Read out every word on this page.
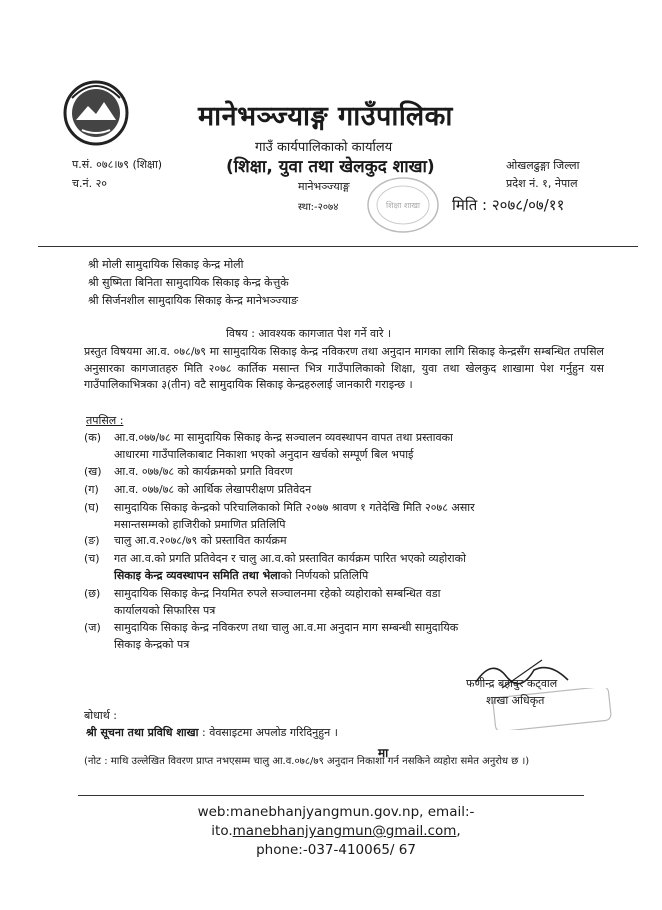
मानेभञ्ज्याङ्ग गाउँपालिका
गाउँ कार्यपालिकाको कार्यालय
(शिक्षा, युवा तथा खेलकुद शाखा)
मानेभञ्ज्याङ्ग
स्था:-२०७४
प.सं. ०७८।७९ (शिक्षा)
च.नं. २०
ओखलढुङ्गा जिल्ला
प्रदेश नं. १, नेपाल
शिक्षा शाखा मिति : २०७८/०७/११
श्री मोली सामुदायिक सिकाइ केन्द्र मोली
श्री सुष्मिता बिनिता सामुदायिक सिकाइ केन्द्र केत्तुके
श्री सिर्जनशील सामुदायिक सिकाइ केन्द्र मानेभञ्ज्याङ
विषय : आवश्यक कागजात पेश गर्ने वारे ।
प्रस्तुत विषयमा आ.व. ०७८/७९ मा सामुदायिक सिकाइ केन्द्र नविकरण तथा अनुदान मागका लागि सिकाइ केन्द्रसँग सम्बन्धित तपसिल अनुसारका कागजातहरु मिति २०७८ कार्तिक मसान्त भित्र गाउँपालिकाको शिक्षा, युवा तथा खेलकुद शाखामा पेश गर्नुहुन यस गाउँपालिकाभित्रका ३(तीन) वटै सामुदायिक सिकाइ केन्द्रहरुलाई जानकारी गराइन्छ ।
तपसिल :
(क) आ.व.०७७/७८ मा सामुदायिक सिकाइ केन्द्र सञ्चालन व्यवस्थापन वापत तथा प्रस्तावका
आधारमा गाउँपालिकाबाट निकाशा भएको अनुदान खर्चको सम्पूर्ण बिल भपाई
(ख) आ.व. ०७७/७८ को कार्यक्रमको प्रगति विवरण
(ग) आ.व. ०७७/७८ को आर्थिक लेखापरीक्षण प्रतिवेदन
(घ) सामुदायिक सिकाइ केन्द्रको परिचालिकाको मिति २०७७ श्रावण १ गतेदेखि मिति २०७८ असार
मसान्तसम्मको हाजिरीको प्रमाणित प्रतिलिपि
(ङ) चालु आ.व.२०७८/७९ को प्रस्तावित कार्यक्रम
(च) गत आ.व.को प्रगति प्रतिवेदन र चालु आ.व.को प्रस्तावित कार्यक्रम पारित भएको व्यहोराको
सिकाइ केन्द्र व्यवस्थापन समिति तथा भेलाको निर्णयको प्रतिलिपि
(छ) सामुदायिक सिकाइ केन्द्र नियमित रुपले सञ्चालनमा रहेको व्यहोराको सम्बन्धित वडा
कार्यालयको सिफारिस पत्र
(ज) सामुदायिक सिकाइ केन्द्र नविकरण तथा चालु आ.व.मा अनुदान माग सम्बन्धी सामुदायिक
सिकाइ केन्द्रको पत्र
फणीन्द्र बहादुर कट्वाल
शाखा अधिकृत
बोधार्थ :
श्री सूचना तथा प्रविधि शाखा : वेवसाइटमा अपलोड गरिदिनुहुन ।
मा
(नोट : माथि उल्लेखित विवरण प्राप्त नभएसम्म चालु आ.व.०७८/७९ अनुदान निकाशा गर्न नसकिने व्यहोरा समेत अनुरोध छ ।)
web:manebhanjyangmun.gov.np, email:- ito.manebhanjyangmun@gmail.com,
phone:-037-410065/ 67
